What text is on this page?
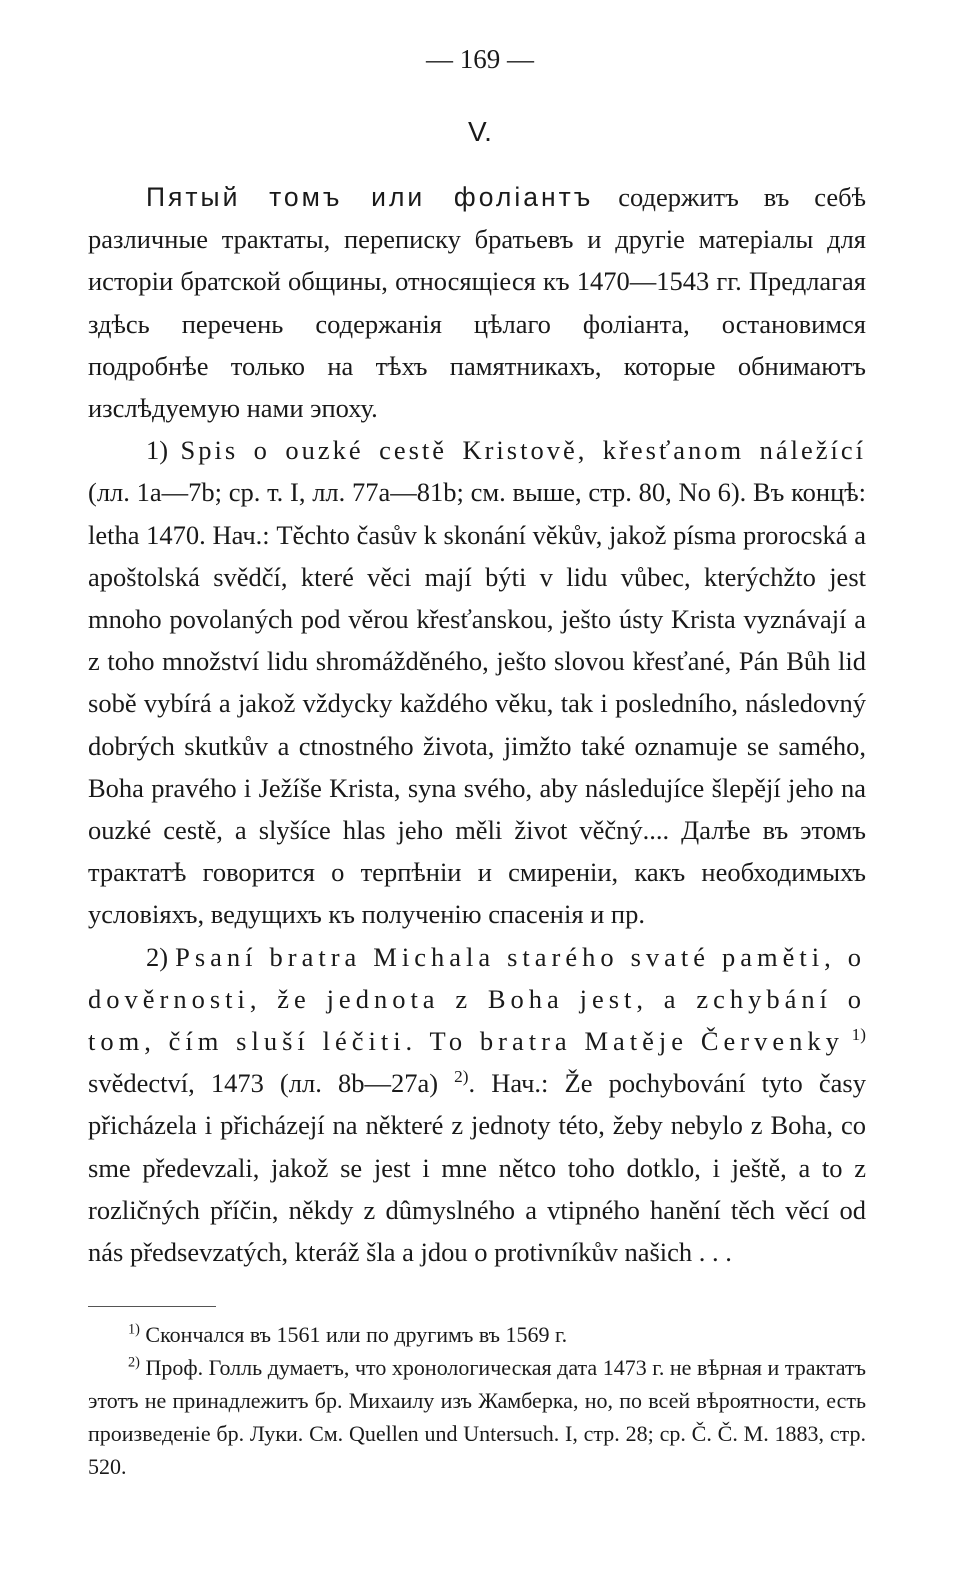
— 169 —
V.

Пятый томъ или фоліантъ содержитъ въ себѣ различные трактаты, переписку братьевъ и другіе матеріалы для исторіи братской общины, относящіеся къ 1470—1543 гг. Предлагая здѣсь перечень содержанія цѣлаго фоліанта, остановимся подробнѣе только на тѣхъ памятникахъ, которые обнимаютъ изслѣдуемую нами эпоху.

1) Spis o ouzké cestě Kristově, křesťanom náležící (лл. 1a—7b; ср. т. I, лл. 77a—81b; см. выше, стр. 80, No 6). Въ концѣ: letha 1470. Нач.: Těchto časův k skonání věkův, jakož písma prorocská a apoštolská svědčí, které věci mají býti v lidu vůbec, kterýchžto jest mnoho povolaných pod věrou křesťanskou, ješto ústy Krista vyznávají a z toho množství lidu shromážděného, ješto slovou křesťané, Pán Bůh lid sobě vybírá a jakož vždycky každého věku, tak i posledního, následovný dobrých skutkův a ctnostného života, jimžto také oznamuje se samého, Boha pravého i Ježíše Krista, syna svého, aby následujíce šlepějí jeho na ouzké cestě, a slyšíce hlas jeho měli život věčný.... Далѣе въ этомъ трактатѣ говорится о терпѣніи и смиреніи, какъ необходимыхъ условіяхъ, ведущихъ къ полученію спасенія и пр.

2) Psaní bratra Michala starého svaté paměti, o dověrnosti, že jednota z Boha jest, a zchybání o tom, čím sluší léčiti. To bratra Matěje Červenky $^{1)}$ svědectví, 1473 (лл. 8b—27a) $^{2)}$. Нач.: Že pochybování tyto časy přicházela i přicházejí na některé z jednoty této, žeby nebylo z Boha, co sme předevzali, jakož se jest i mne nětco toho dotklo, i ještě, a to z rozličných příčin, někdy z dûmyslného a vtipného hanění těch věcí od nás předsevzatých, kteráž šla a jdou o protivníkův našich . . .

$^{1)}$ Скончался въ 1561 или по другимъ въ 1569 г.

$^{2)}$ Проф. Голль думаетъ, что хронологическая дата 1473 г. не вѣрная и трактатъ этотъ не принадлежитъ бр. Михаилу изъ Жамберка, но, по всей вѣроятности, есть произведеніе бр. Луки. См. Quellen und Untersuch. I, стр. 28; ср. Č. Č. M. 1883, стр. 520.
